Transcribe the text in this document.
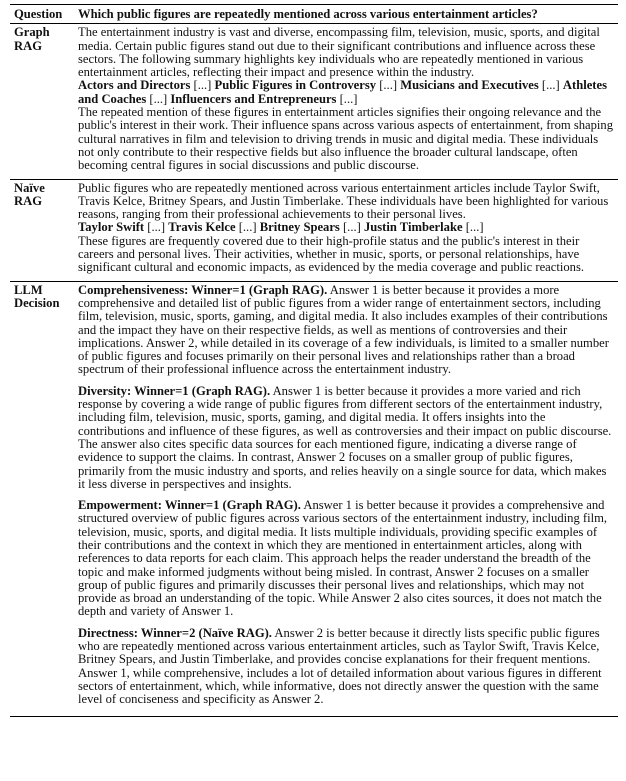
Question	Which public figures are repeatedly mentioned across various entertainment articles?
Graph
RAG

The entertainment industry is vast and diverse, encompassing film, television, music, sports, and digital media. Certain public figures stand out due to their significant contributions and influence across these sectors. The following summary highlights key individuals who are repeatedly mentioned in various entertainment articles, reflecting their impact and presence within the industry.

Actors and Directors [...] Public Figures in Controversy [...] Musicians and Executives [...] Athletes and Coaches [...] Influencers and Entrepreneurs [...]

The repeated mention of these figures in entertainment articles signifies their ongoing relevance and the public's interest in their work. Their influence spans across various aspects of entertainment, from shaping cultural narratives in film and television to driving trends in music and digital media. These individuals not only contribute to their respective fields but also influence the broader cultural landscape, often becoming central figures in social discussions and public discourse.

Naïve
RAG

Public figures who are repeatedly mentioned across various entertainment articles include Taylor Swift, Travis Kelce, Britney Spears, and Justin Timberlake. These individuals have been highlighted for various reasons, ranging from their professional achievements to their personal lives.

Taylor Swift [...] Travis Kelce [...] Britney Spears [...] Justin Timberlake [...]

These figures are frequently covered due to their high-profile status and the public's interest in their careers and personal lives. Their activities, whether in music, sports, or personal relationships, have significant cultural and economic impacts, as evidenced by the media coverage and public reactions.

LLM
Decision

Comprehensiveness: Winner=1 (Graph RAG). Answer 1 is better because it provides a more comprehensive and detailed list of public figures from a wider range of entertainment sectors, including film, television, music, sports, gaming, and digital media. It also includes examples of their contributions and the impact they have on their respective fields, as well as mentions of controversies and their implications. Answer 2, while detailed in its coverage of a few individuals, is limited to a smaller number of public figures and focuses primarily on their personal lives and relationships rather than a broad spectrum of their professional influence across the entertainment industry.

Diversity: Winner=1 (Graph RAG). Answer 1 is better because it provides a more varied and rich response by covering a wide range of public figures from different sectors of the entertainment industry, including film, television, music, sports, gaming, and digital media. It offers insights into the contributions and influence of these figures, as well as controversies and their impact on public discourse. The answer also cites specific data sources for each mentioned figure, indicating a diverse range of evidence to support the claims. In contrast, Answer 2 focuses on a smaller group of public figures, primarily from the music industry and sports, and relies heavily on a single source for data, which makes it less diverse in perspectives and insights.

Empowerment: Winner=1 (Graph RAG). Answer 1 is better because it provides a comprehensive and structured overview of public figures across various sectors of the entertainment industry, including film, television, music, sports, and digital media. It lists multiple individuals, providing specific examples of their contributions and the context in which they are mentioned in entertainment articles, along with references to data reports for each claim. This approach helps the reader understand the breadth of the topic and make informed judgments without being misled. In contrast, Answer 2 focuses on a smaller group of public figures and primarily discusses their personal lives and relationships, which may not provide as broad an understanding of the topic. While Answer 2 also cites sources, it does not match the depth and variety of Answer 1.

Directness: Winner=2 (Naïve RAG). Answer 2 is better because it directly lists specific public figures who are repeatedly mentioned across various entertainment articles, such as Taylor Swift, Travis Kelce, Britney Spears, and Justin Timberlake, and provides concise explanations for their frequent mentions. Answer 1, while comprehensive, includes a lot of detailed information about various figures in different sectors of entertainment, which, while informative, does not directly answer the question with the same level of conciseness and specificity as Answer 2.
